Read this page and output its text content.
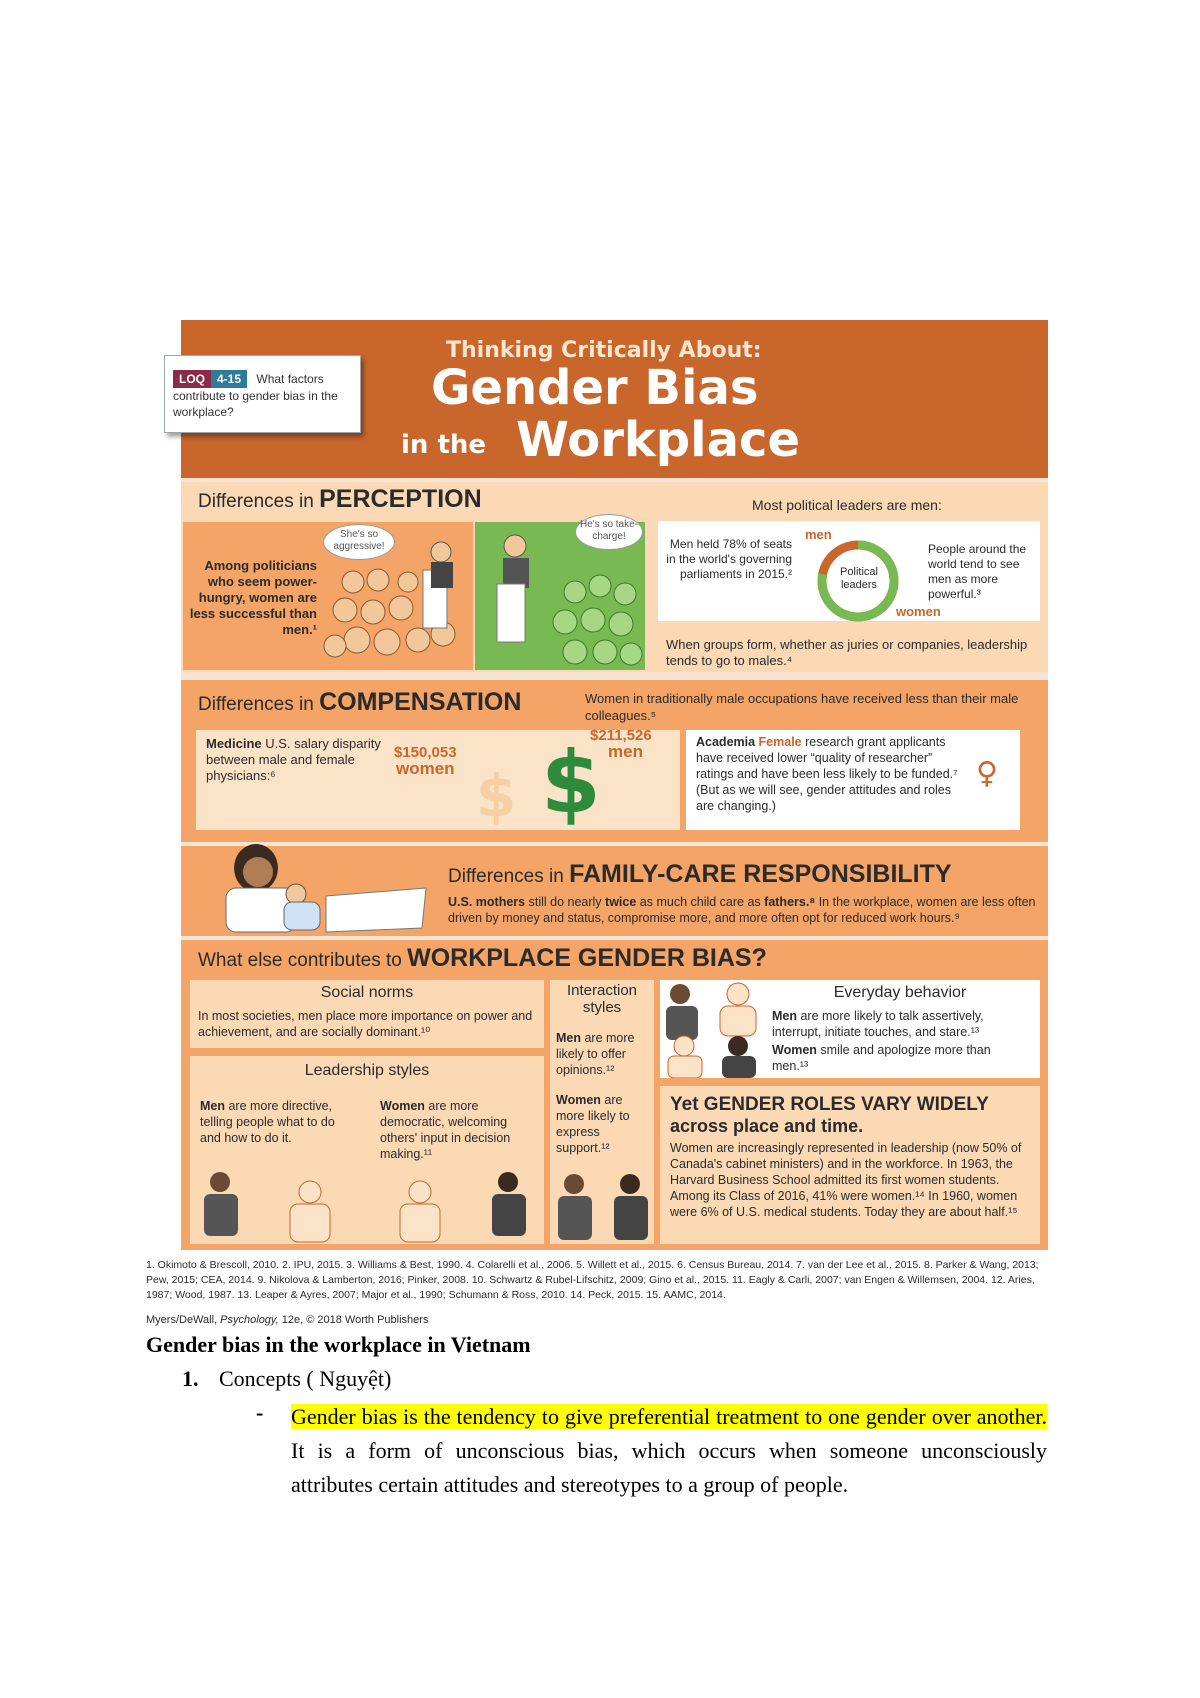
Thinking Critically About:
Gender Bias
in the Workplace
LOQ 4-15 What factors
contribute to gender bias in the workplace?
Differences in PERCEPTION
Among politicians who seem power-hungry, women are less successful than men.¹
She's so aggressive!
He's so take-charge!
Most political leaders are men:
Men held 78% of seats in the world's governing parliaments in 2015.²
men
Political leaders
women
People around the world tend to see men as more powerful.³
When groups form, whether as juries or companies, leadership tends to go to males.⁴
Differences in COMPENSATION	Women in traditionally male occupations have received less than their male colleagues.⁵
Medicine U.S. salary disparity between male and female physicians:⁶
$150,053
women
$211,526
men
$ $	Academia Female research grant applicants have received lower “quality of researcher” ratings and have been less likely to be funded.⁷ (But as we will see, gender attitudes and roles are changing.)
♀
Differences in FAMILY-CARE RESPONSIBILITY
U.S. mothers still do nearly twice as much child care as fathers.⁸ In the workplace, women are less often driven by money and status, compromise more, and more often opt for reduced work hours.⁹
What else contributes to WORKPLACE GENDER BIAS?
Social norms
In most societies, men place more importance on power and achievement, and are socially dominant.¹⁰
Leadership styles
Men are more directive, telling people what to do and how to do it.
Women are more democratic, welcoming others' input in decision making.¹¹
Interaction styles
Men are more likely to offer opinions.¹²
Women are more likely to express support.¹²
Everyday behavior
Men are more likely to talk assertively, interrupt, initiate touches, and stare.¹³
Women smile and apologize more than men.¹³
Yet GENDER ROLES VARY WIDELY
across place and time.
Women are increasingly represented in leadership (now 50% of Canada's cabinet ministers) and in the workforce. In 1963, the Harvard Business School admitted its first women students. Among its Class of 2016, 41% were women.¹⁴ In 1960, women were 6% of U.S. medical students. Today they are about half.¹⁵
1. Okimoto & Brescoll, 2010. 2. IPU, 2015. 3. Williams & Best, 1990. 4. Colarelli et al., 2006. 5. Willett et al., 2015. 6. Census Bureau, 2014. 7. van der Lee et al., 2015. 8. Parker & Wang, 2013; Pew, 2015; CEA, 2014. 9. Nikolova & Lamberton, 2016; Pinker, 2008. 10. Schwartz & Rubel-Lifschitz, 2009; Gino et al., 2015. 11. Eagly & Carli, 2007; van Engen & Willemsen, 2004. 12. Aries, 1987; Wood, 1987. 13. Leaper & Ayres, 2007; Major et al., 1990; Schumann & Ross, 2010. 14. Peck, 2015. 15. AAMC, 2014.
Myers/DeWall, Psychology, 12e, © 2018 Worth Publishers
Gender bias in the workplace in Vietnam
1. Concepts ( Nguyệt)
- Gender bias is the tendency to give preferential treatment to one gender over another. It is a form of unconscious bias, which occurs when someone unconsciously attributes certain attitudes and stereotypes to a group of people.
